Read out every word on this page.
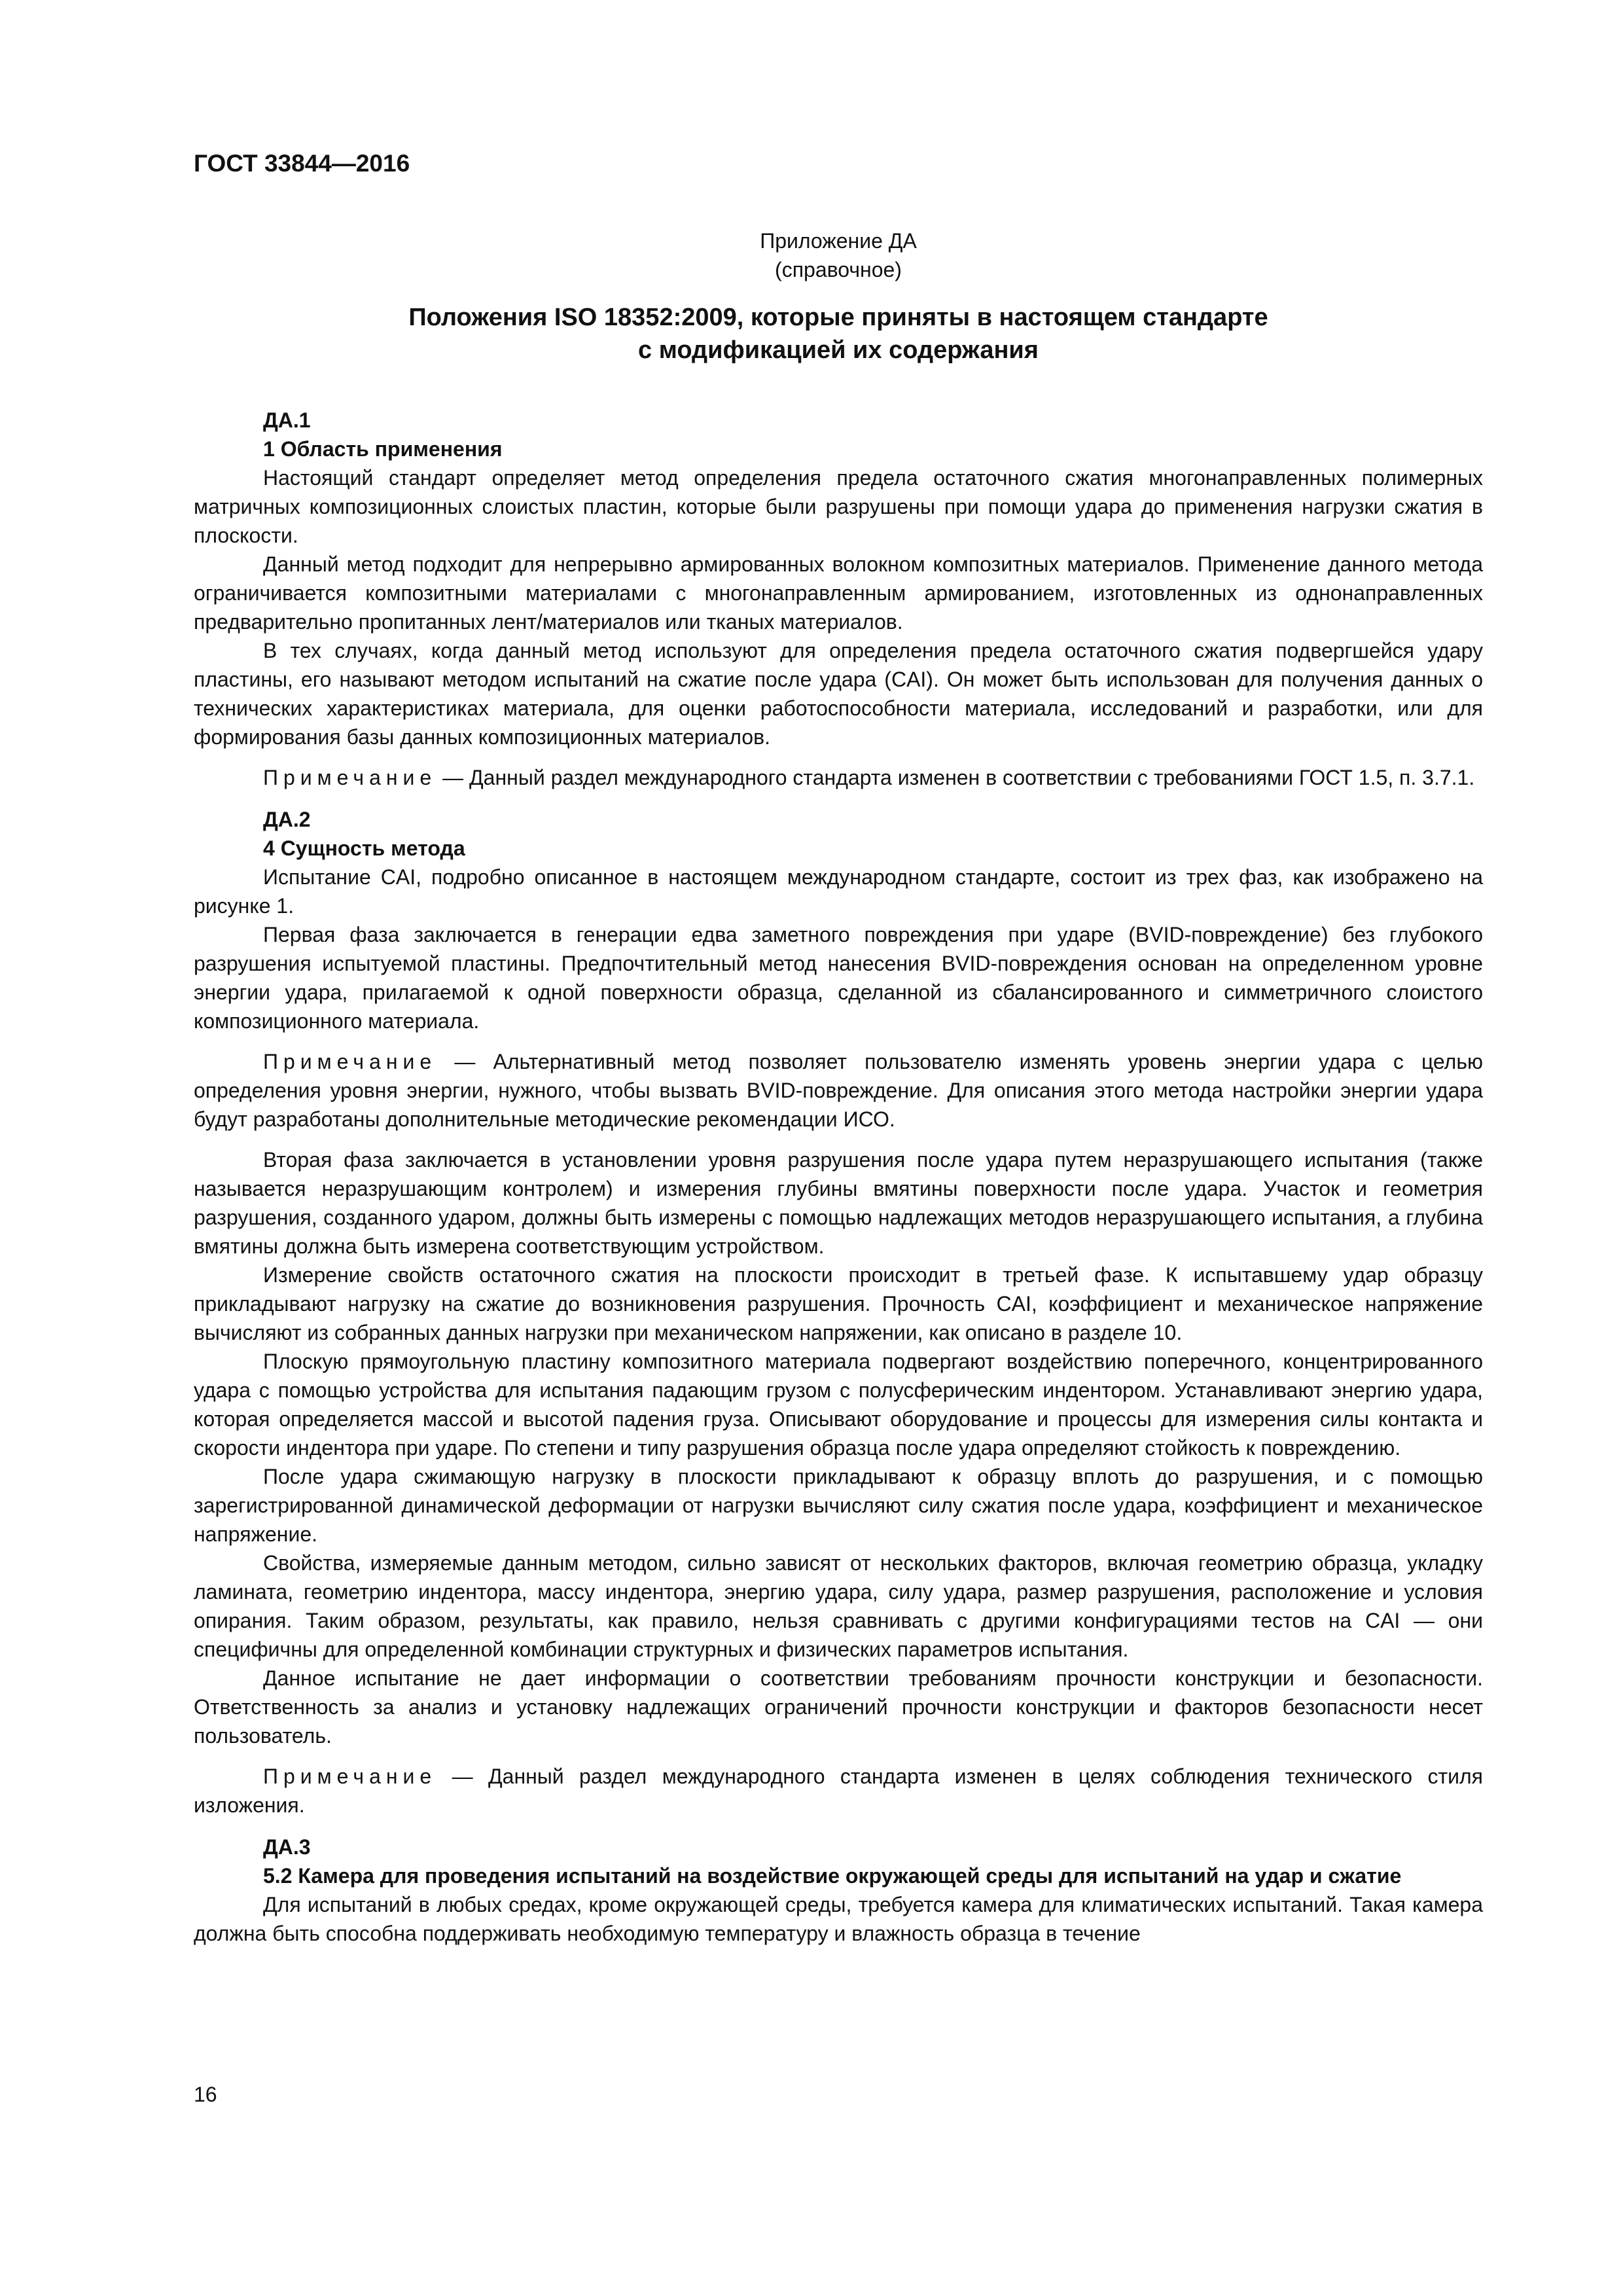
ГОСТ 33844—2016
Приложение ДА
(справочное)
Положения ISO 18352:2009, которые приняты в настоящем стандарте
с модификацией их содержания
ДА.1
1 Область применения

Настоящий стандарт определяет метод определения предела остаточного сжатия многонаправленных полимерных матричных композиционных слоистых пластин, которые были разрушены при помощи удара до применения нагрузки сжатия в плоскости.

Данный метод подходит для непрерывно армированных волокном композитных материалов. Применение данного метода ограничивается композитными материалами с многонаправленным армированием, изготовленных из однонаправленных предварительно пропитанных лент/материалов или тканых материалов.

В тех случаях, когда данный метод используют для определения предела остаточного сжатия подвергшейся удару пластины, его называют методом испытаний на сжатие после удара (CAI). Он может быть использован для получения данных о технических характеристиках материала, для оценки работоспособности материала, исследований и разработки, или для формирования базы данных композиционных материалов.

Примечание — Данный раздел международного стандарта изменен в соответствии с требованиями ГОСТ 1.5, п. 3.7.1.

ДА.2
4 Сущность метода

Испытание CAI, подробно описанное в настоящем международном стандарте, состоит из трех фаз, как изображено на рисунке 1.

Первая фаза заключается в генерации едва заметного повреждения при ударе (BVID-повреждение) без глубокого разрушения испытуемой пластины. Предпочтительный метод нанесения BVID-повреждения основан на определенном уровне энергии удара, прилагаемой к одной поверхности образца, сделанной из сбалансированного и симметричного слоистого композиционного материала.

Примечание — Альтернативный метод позволяет пользователю изменять уровень энергии удара с целью определения уровня энергии, нужного, чтобы вызвать BVID-повреждение. Для описания этого метода настройки энергии удара будут разработаны дополнительные методические рекомендации ИСО.

Вторая фаза заключается в установлении уровня разрушения после удара путем неразрушающего испытания (также называется неразрушающим контролем) и измерения глубины вмятины поверхности после удара. Участок и геометрия разрушения, созданного ударом, должны быть измерены с помощью надлежащих методов неразрушающего испытания, а глубина вмятины должна быть измерена соответствующим устройством.

Измерение свойств остаточного сжатия на плоскости происходит в третьей фазе. К испытавшему удар образцу прикладывают нагрузку на сжатие до возникновения разрушения. Прочность CAI, коэффициент и механическое напряжение вычисляют из собранных данных нагрузки при механическом напряжении, как описано в разделе 10.

Плоскую прямоугольную пластину композитного материала подвергают воздействию поперечного, концентрированного удара с помощью устройства для испытания падающим грузом с полусферическим индентором. Устанавливают энергию удара, которая определяется массой и высотой падения груза. Описывают оборудование и процессы для измерения силы контакта и скорости индентора при ударе. По степени и типу разрушения образца после удара определяют стойкость к повреждению.

После удара сжимающую нагрузку в плоскости прикладывают к образцу вплоть до разрушения, и с помощью зарегистрированной динамической деформации от нагрузки вычисляют силу сжатия после удара, коэффициент и механическое напряжение.

Свойства, измеряемые данным методом, сильно зависят от нескольких факторов, включая геометрию образца, укладку ламината, геометрию индентора, массу индентора, энергию удара, силу удара, размер разрушения, расположение и условия опирания. Таким образом, результаты, как правило, нельзя сравнивать с другими конфигурациями тестов на CAI — они специфичны для определенной комбинации структурных и физических параметров испытания.

Данное испытание не дает информации о соответствии требованиям прочности конструкции и безопасности. Ответственность за анализ и установку надлежащих ограничений прочности конструкции и факторов безопасности несет пользователь.

Примечание — Данный раздел международного стандарта изменен в целях соблюдения технического стиля изложения.

ДА.3
5.2 Камера для проведения испытаний на воздействие окружающей среды для испытаний на удар и сжатие

Для испытаний в любых средах, кроме окружающей среды, требуется камера для климатических испытаний. Такая камера должна быть способна поддерживать необходимую температуру и влажность образца в течение

16
